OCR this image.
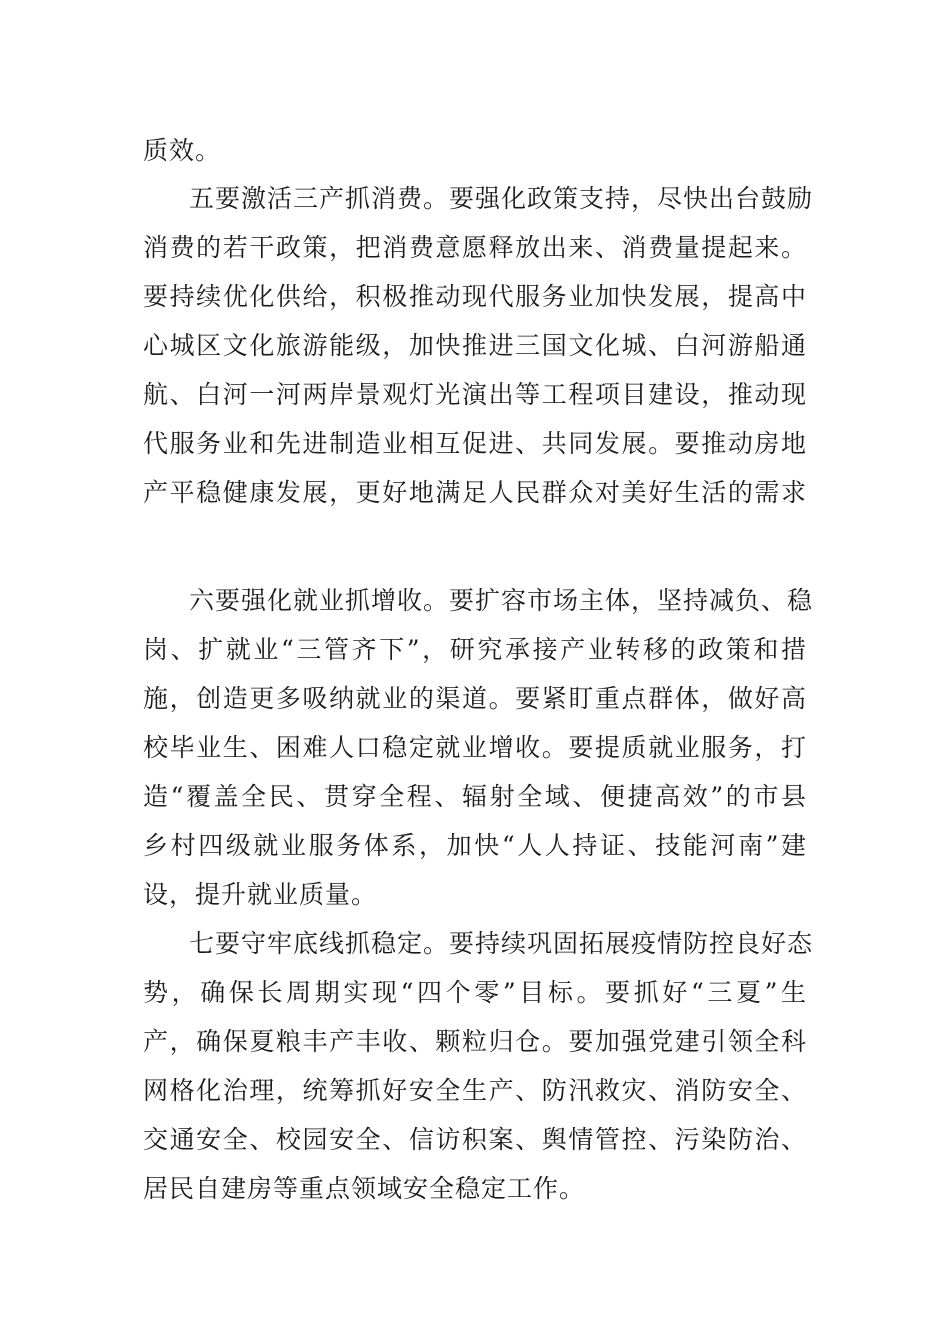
质效。
五要激活三产抓消费。要强化政策支持，尽快出台鼓励
消费的若干政策，把消费意愿释放出来、消费量提起来。
要持续优化供给，积极推动现代服务业加快发展，提高中
心城区文化旅游能级，加快推进三国文化城、白河游船通
航、白河一河两岸景观灯光演出等工程项目建设，推动现
代服务业和先进制造业相互促进、共同发展。要推动房地
产平稳健康发展，更好地满足人民群众对美好生活的需求
六要强化就业抓增收。要扩容市场主体，坚持减负、稳
岗、扩就业“三管齐下”，研究承接产业转移的政策和措
施，创造更多吸纳就业的渠道。要紧盯重点群体，做好高
校毕业生、困难人口稳定就业增收。要提质就业服务，打
造“覆盖全民、贯穿全程、辐射全域、便捷高效”的市县
乡村四级就业服务体系，加快“人人持证、技能河南”建
设，提升就业质量。
七要守牢底线抓稳定。要持续巩固拓展疫情防控良好态
势，确保长周期实现“四个零”目标。要抓好“三夏”生
产，确保夏粮丰产丰收、颗粒归仓。要加强党建引领全科
网格化治理，统筹抓好安全生产、防汛救灾、消防安全、
交通安全、校园安全、信访积案、舆情管控、污染防治、
居民自建房等重点领域安全稳定工作。
